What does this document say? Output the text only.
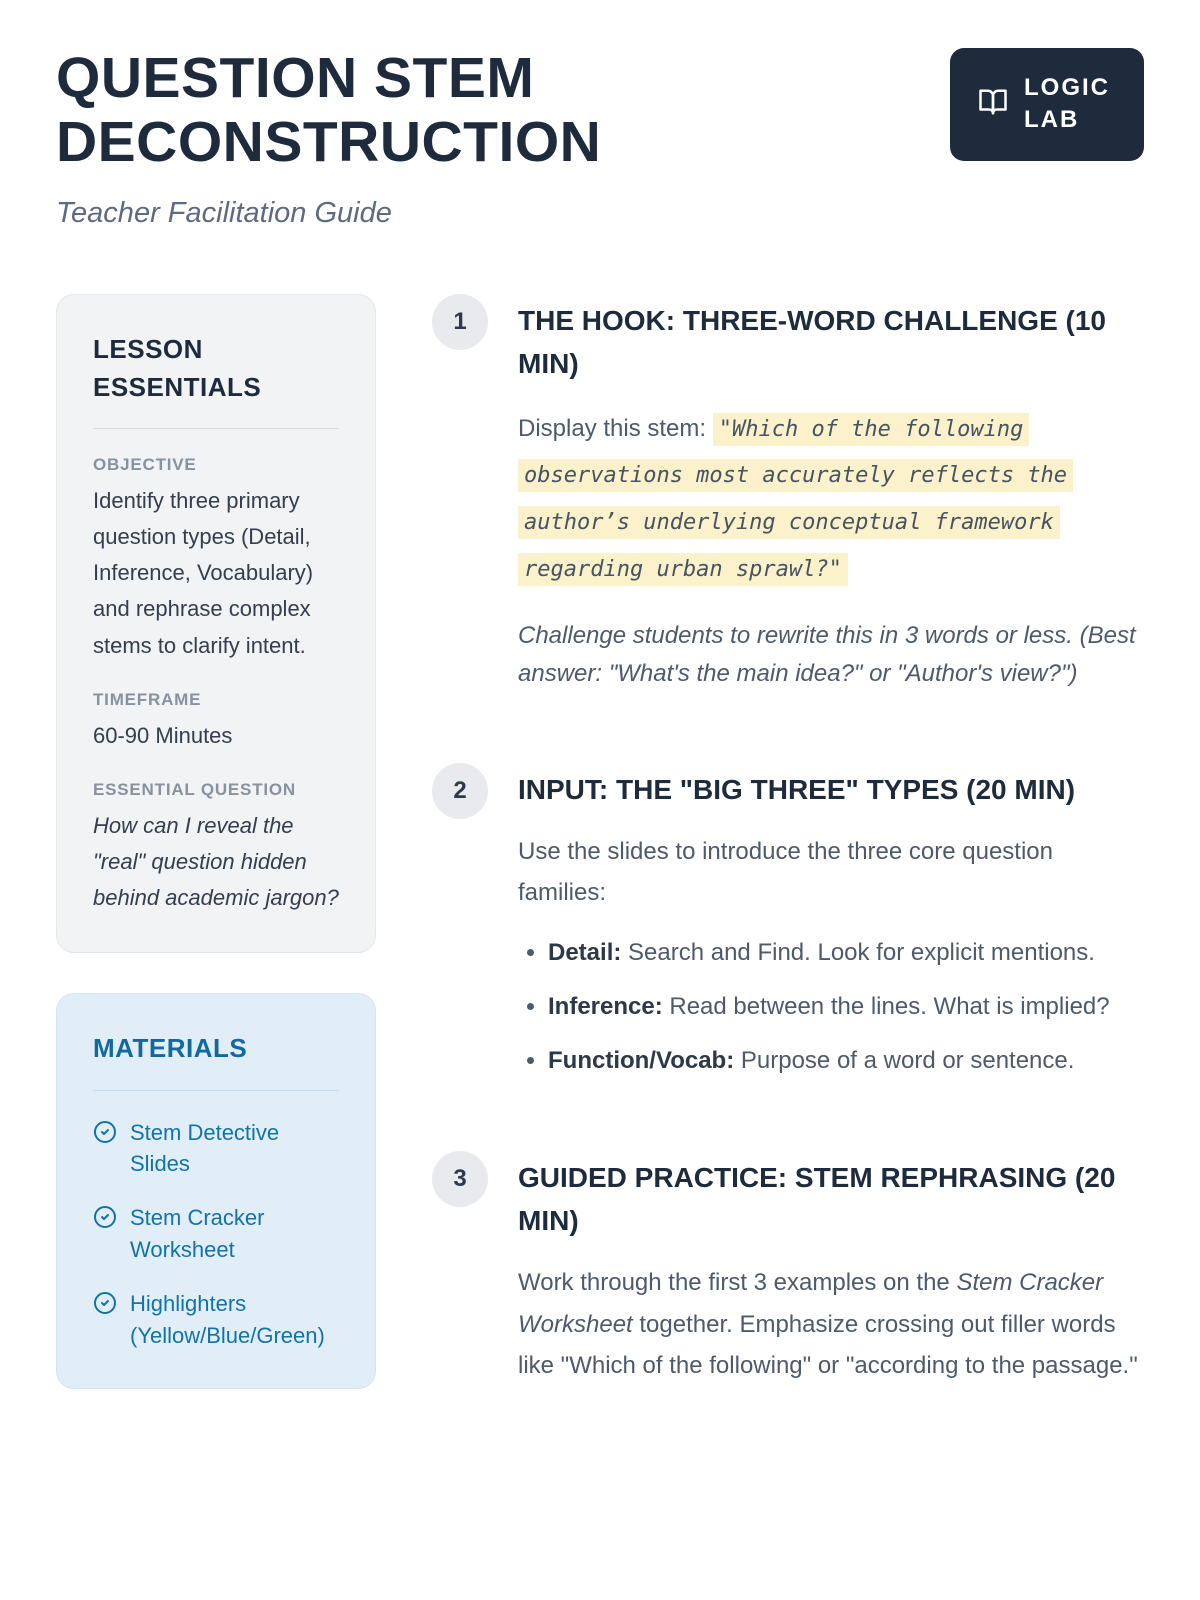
QUESTION STEM DECONSTRUCTION

Teacher Facilitation Guide

LOGIC LAB
LESSON ESSENTIALS
OBJECTIVE

Identify three primary question types (Detail, Inference, Vocabulary) and rephrase complex stems to clarify intent.

TIMEFRAME

60-90 Minutes

ESSENTIAL QUESTION

How can I reveal the "real" question hidden behind academic jargon?

MATERIALS
Stem Detective Slides
Stem Cracker Worksheet
Highlighters (Yellow/Blue/Green)
1	THE HOOK: THREE-WORD CHALLENGE (10 MIN)

Display this stem: "Which of the following observations most accurately reflects the author’s underlying conceptual framework regarding urban sprawl?"

Challenge students to rewrite this in 3 words or less. (Best answer: "What's the main idea?" or "Author's view?")

2	INPUT: THE "BIG THREE" TYPES (20 MIN)

Use the slides to introduce the three core question families:

• Detail: Search and Find. Look for explicit mentions.
• Inference: Read between the lines. What is implied?
• Function/Vocab: Purpose of a word or sentence.
3	GUIDED PRACTICE: STEM REPHRASING (20 MIN)

Work through the first 3 examples on the Stem Cracker Worksheet together. Emphasize crossing out filler words like "Which of the following" or "according to the passage."
